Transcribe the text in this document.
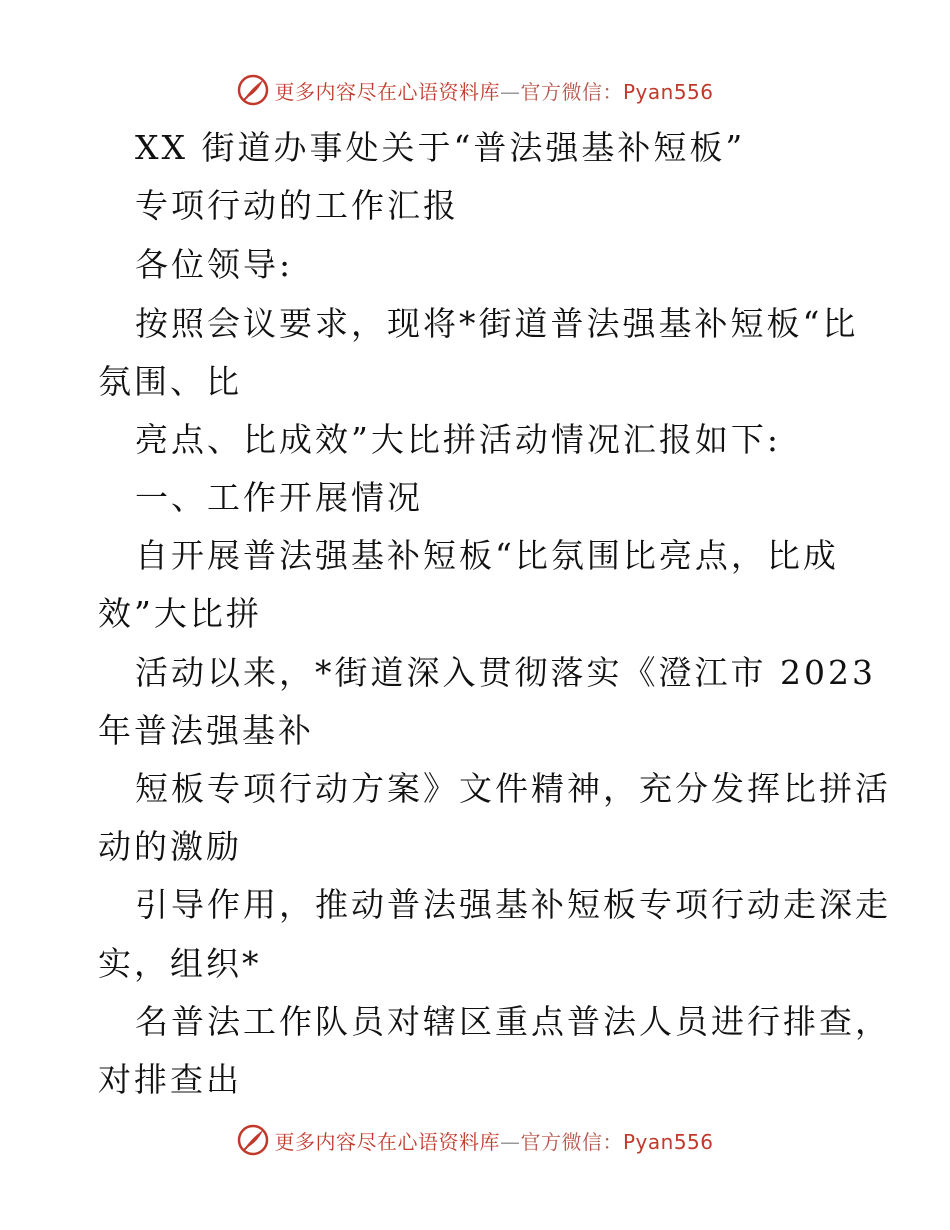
更多内容尽在心语资料库—官方微信：Pyan556
XX 街道办事处关于“普法强基补短板”
专项行动的工作汇报
各位领导:
按照会议要求，现将*街道普法强基补短板“比
氛围、比
亮点、比成效”大比拼活动情况汇报如下:
一、工作开展情况
自开展普法强基补短板“比氛围比亮点，比成
效”大比拼
活动以来，*街道深入贯彻落实《澄江市 2023
年普法强基补
短板专项行动方案》文件精神，充分发挥比拼活
动的激励
引导作用，推动普法强基补短板专项行动走深走
实，组织*
名普法工作队员对辖区重点普法人员进行排查，
对排查出
更多内容尽在心语资料库—官方微信：Pyan556
